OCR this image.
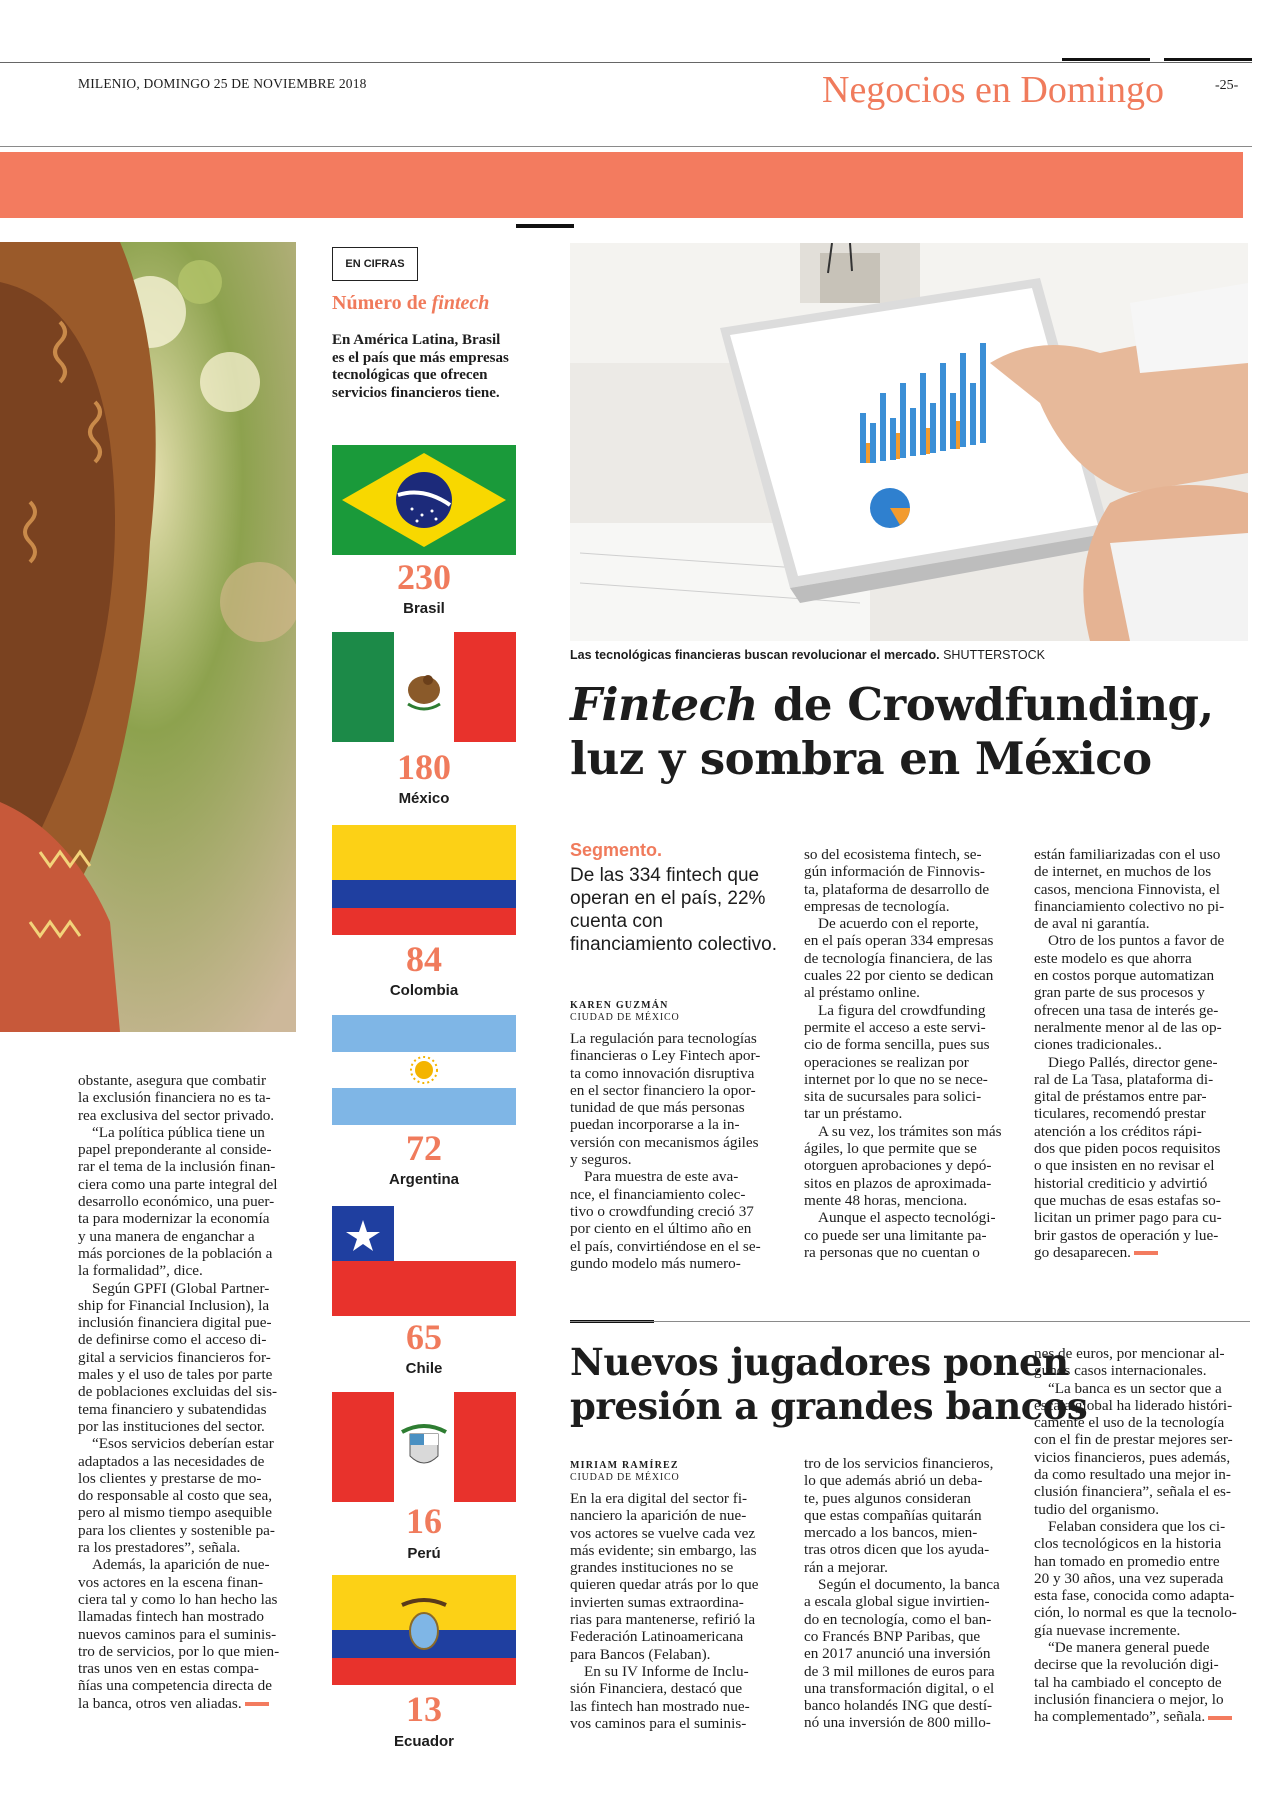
MILENIO, DOMINGO 25 DE NOVIEMBRE 2018	Negocios en Domingo	-25-
obstante, asegura que combatir
la exclusión financiera no es ta-
rea exclusiva del sector privado.
“La política pública tiene un
papel preponderante al conside-
rar el tema de la inclusión finan-
ciera como una parte integral del
desarrollo económico, una puer-
ta para modernizar la economía
y una manera de enganchar a
más porciones de la población a
la formalidad”, dice.
Según GPFI (Global Partner-
ship for Financial Inclusion), la
inclusión financiera digital pue-
de definirse como el acceso di-
gital a servicios financieros for-
males y el uso de tales por parte
de poblaciones excluidas del sis-
tema financiero y subatendidas
por las instituciones del sector.
“Esos servicios deberían estar
adaptados a las necesidades de
los clientes y prestarse de mo-
do responsable al costo que sea,
pero al mismo tiempo asequible
para los clientes y sostenible pa-
ra los prestadores”, señala.
Además, la aparición de nue-
vos actores en la escena finan-
ciera tal y como lo han hecho las
llamadas fintech han mostrado
nuevos caminos para el suminis-
tro de servicios, por lo que mien-
tras unos ven en estas compa-
ñías una competencia directa de
la banca, otros ven aliadas.
EN CIFRAS
Número de fintech
En América Latina, Brasil es el país que más empresas tecnológicas que ofrecen servicios financieros tiene.
230
Brasil
180
México
84
Colombia
72
Argentina
65
Chile
16
Perú
13
Ecuador
Las tecnológicas financieras buscan revolucionar el mercado. SHUTTERSTOCK
Fintech de Crowdfunding,
luz y sombra en México
Segmento.
De las 334 fintech que operan en el país, 22% cuenta con financiamiento colectivo.
KAREN GUZMÁN
CIUDAD DE MÉXICO
La regulación para tecnologías
financieras o Ley Fintech apor-
ta como innovación disruptiva
en el sector financiero la opor-
tunidad de que más personas
puedan incorporarse a la in-
versión con mecanismos ágiles
y seguros.
Para muestra de este ava-
nce, el financiamiento colec-
tivo o crowdfunding creció 37
por ciento en el último año en
el país, convirtiéndose en el se-
gundo modelo más numero-
so del ecosistema fintech, se-
gún información de Finnovis-
ta, plataforma de desarrollo de
empresas de tecnología.
De acuerdo con el reporte,
en el país operan 334 empresas
de tecnología financiera, de las
cuales 22 por ciento se dedican
al préstamo online.
La figura del crowdfunding
permite el acceso a este servi-
cio de forma sencilla, pues sus
operaciones se realizan por
internet por lo que no se nece-
sita de sucursales para solici-
tar un préstamo.
A su vez, los trámites son más
ágiles, lo que permite que se
otorguen aprobaciones y depó-
sitos en plazos de aproximada-
mente 48 horas, menciona.
Aunque el aspecto tecnológi-
co puede ser una limitante pa-
ra personas que no cuentan o
están familiarizadas con el uso
de internet, en muchos de los
casos, menciona Finnovista, el
financiamiento colectivo no pi-
de aval ni garantía.
Otro de los puntos a favor de
este modelo es que ahorra
en costos porque automatizan
gran parte de sus procesos y
ofrecen una tasa de interés ge-
neralmente menor al de las op-
ciones tradicionales..
Diego Pallés, director gene-
ral de La Tasa, plataforma di-
gital de préstamos entre par-
ticulares, recomendó prestar
atención a los créditos rápi-
dos que piden pocos requisitos
o que insisten en no revisar el
historial crediticio y advirtió
que muchas de esas estafas so-
licitan un primer pago para cu-
brir gastos de operación y lue-
go desaparecen.
Nuevos jugadores ponen
presión a grandes bancos
MIRIAM RAMÍREZ
CIUDAD DE MÉXICO
En la era digital del sector fi-
nanciero la aparición de nue-
vos actores se vuelve cada vez
más evidente; sin embargo, las
grandes instituciones no se
quieren quedar atrás por lo que
invierten sumas extraordina-
rias para mantenerse, refirió la
Federación Latinoamericana
para Bancos (Felaban).
En su IV Informe de Inclu-
sión Financiera, destacó que
las fintech han mostrado nue-
vos caminos para el suminis-
tro de los servicios financieros,
lo que además abrió un deba-
te, pues algunos consideran
que estas compañías quitarán
mercado a los bancos, mien-
tras otros dicen que los ayuda-
rán a mejorar.
Según el documento, la banca
a escala global sigue invirtien-
do en tecnología, como el ban-
co Francés BNP Paribas, que
en 2017 anunció una inversión
de 3 mil millones de euros para
una transformación digital, o el
banco holandés ING que destí-
nó una inversión de 800 millo-
nes de euros, por mencionar al-
gunos casos internacionales.
“La banca es un sector que a
escala global ha liderado históri-
camente el uso de la tecnología
con el fin de prestar mejores ser-
vicios financieros, pues además,
da como resultado una mejor in-
clusión financiera”, señala el es-
tudio del organismo.
Felaban considera que los ci-
clos tecnológicos en la historia
han tomado en promedio entre
20 y 30 años, una vez superada
esta fase, conocida como adapta-
ción, lo normal es que la tecnolo-
gía nuevase incremente.
“De manera general puede
decirse que la revolución digi-
tal ha cambiado el concepto de
inclusión financiera o mejor, lo
ha complementado”, señala.
